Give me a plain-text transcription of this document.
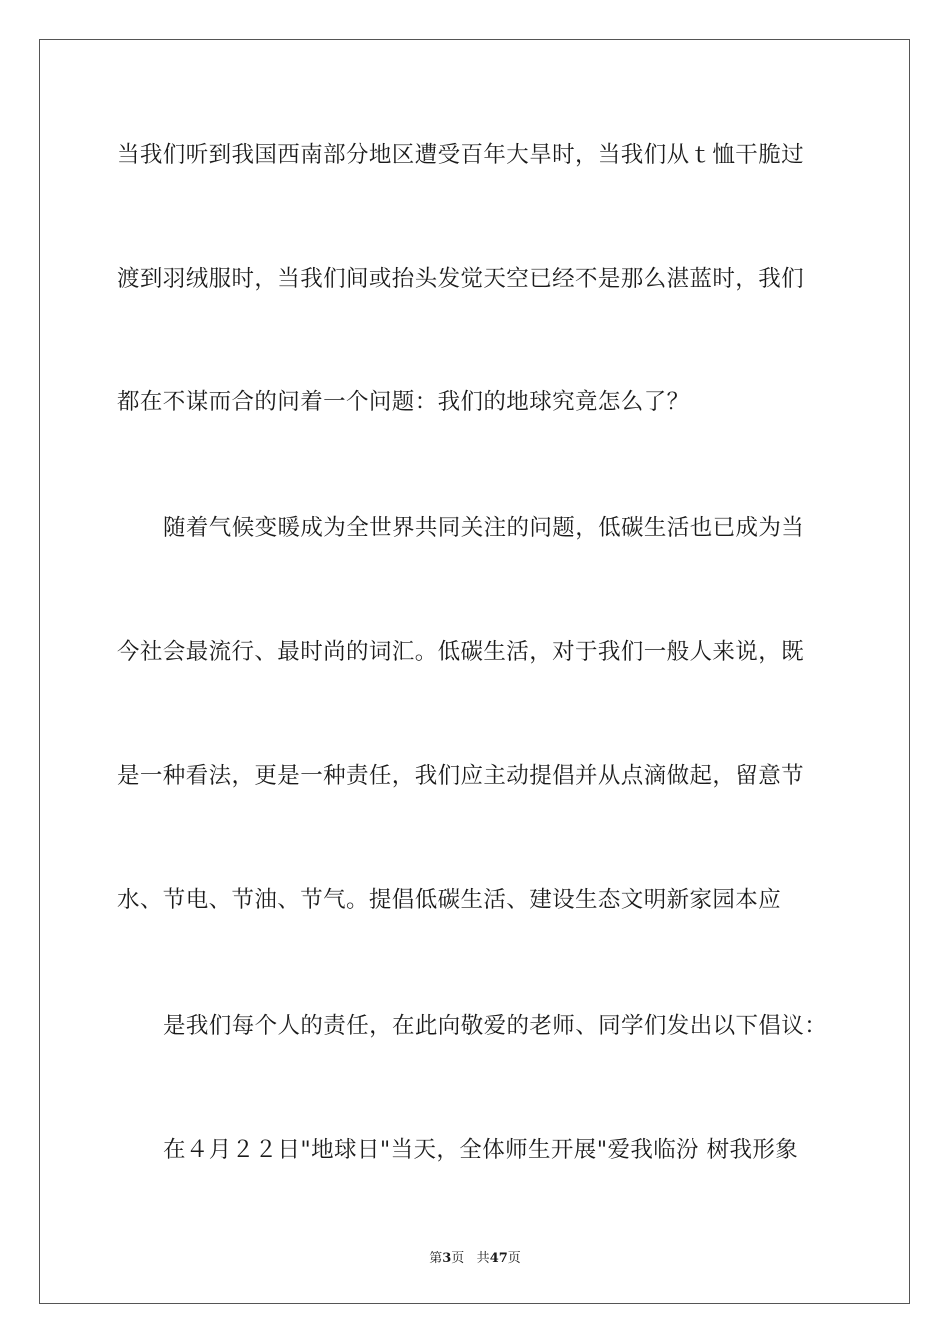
当我们听到我国西南部分地区遭受百年大旱时，当我们从ｔ恤干脆过
渡到羽绒服时，当我们间或抬头发觉天空已经不是那么湛蓝时，我们
都在不谋而合的问着一个问题：我们的地球究竟怎么了？
随着气候变暖成为全世界共同关注的问题，低碳生活也已成为当
今社会最流行、最时尚的词汇。低碳生活，对于我们一般人来说，既
是一种看法，更是一种责任，我们应主动提倡并从点滴做起，留意节
水、节电、节油、节气。提倡低碳生活、建设生态文明新家园本应
是我们每个人的责任，在此向敬爱的老师、同学们发出以下倡议：
在４月２２日"地球日"当天，全体师生开展"爱我临汾 树我形象
第3页 共47页
